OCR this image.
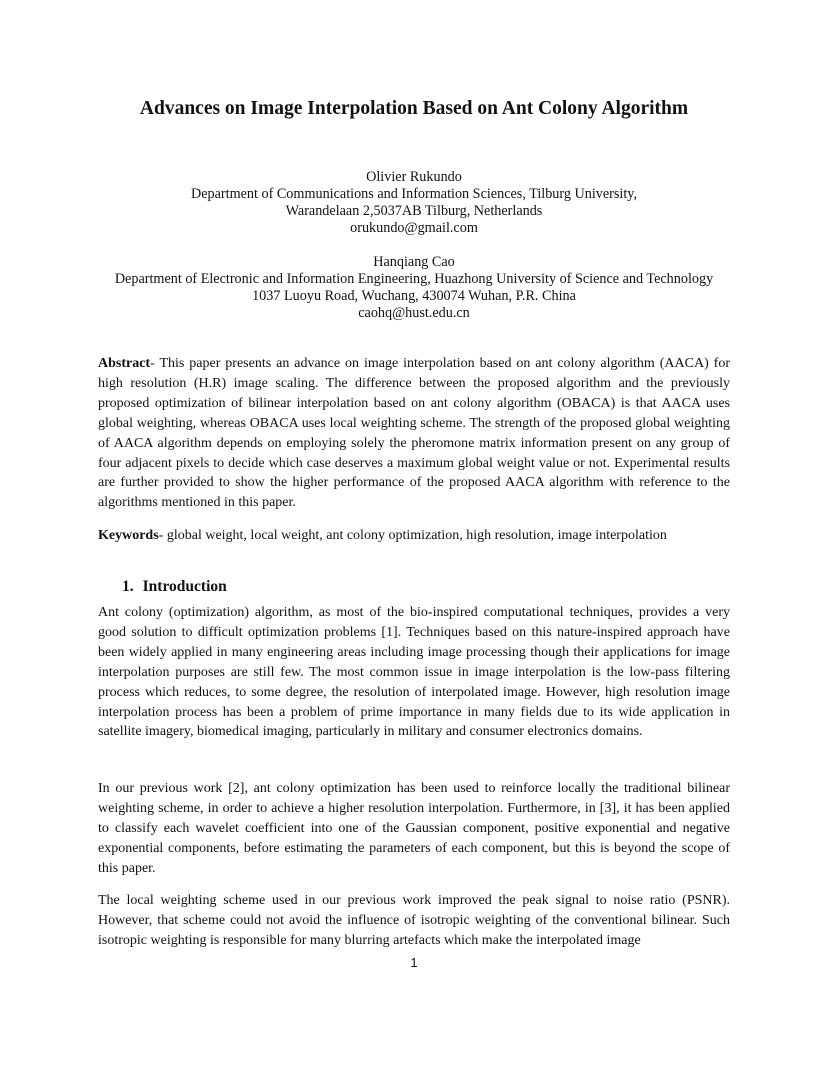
Advances on Image Interpolation Based on Ant Colony Algorithm
Olivier Rukundo
Department of Communications and Information Sciences, Tilburg University,
Warandelaan 2,5037AB Tilburg, Netherlands
orukundo@gmail.com
Hanqiang Cao
Department of Electronic and Information Engineering, Huazhong University of Science and Technology
1037 Luoyu Road, Wuchang, 430074 Wuhan, P.R. China
caohq@hust.edu.cn

Abstract- This paper presents an advance on image interpolation based on ant colony algorithm (AACA) for high resolution (H.R) image scaling. The difference between the proposed algorithm and the previously proposed optimization of bilinear interpolation based on ant colony algorithm (OBACA) is that AACA uses global weighting, whereas OBACA uses local weighting scheme. The strength of the proposed global weighting of AACA algorithm depends on employing solely the pheromone matrix information present on any group of four adjacent pixels to decide which case deserves a maximum global weight value or not. Experimental results are further provided to show the higher performance of the proposed AACA algorithm with reference to the algorithms mentioned in this paper.

Keywords- global weight, local weight, ant colony optimization, high resolution, image interpolation

1. Introduction

Ant colony (optimization) algorithm, as most of the bio-inspired computational techniques, provides a very good solution to difficult optimization problems [1]. Techniques based on this nature-inspired approach have been widely applied in many engineering areas including image processing though their applications for image interpolation purposes are still few. The most common issue in image interpolation is the low-pass filtering process which reduces, to some degree, the resolution of interpolated image. However, high resolution image interpolation process has been a problem of prime importance in many fields due to its wide application in satellite imagery, biomedical imaging, particularly in military and consumer electronics domains.

In our previous work [2], ant colony optimization has been used to reinforce locally the traditional bilinear weighting scheme, in order to achieve a higher resolution interpolation. Furthermore, in [3], it has been applied to classify each wavelet coefficient into one of the Gaussian component, positive exponential and negative exponential components, before estimating the parameters of each component, but this is beyond the scope of this paper.

The local weighting scheme used in our previous work improved the peak signal to noise ratio (PSNR). However, that scheme could not avoid the influence of isotropic weighting of the conventional bilinear. Such isotropic weighting is responsible for many blurring artefacts which make the interpolated image

1
